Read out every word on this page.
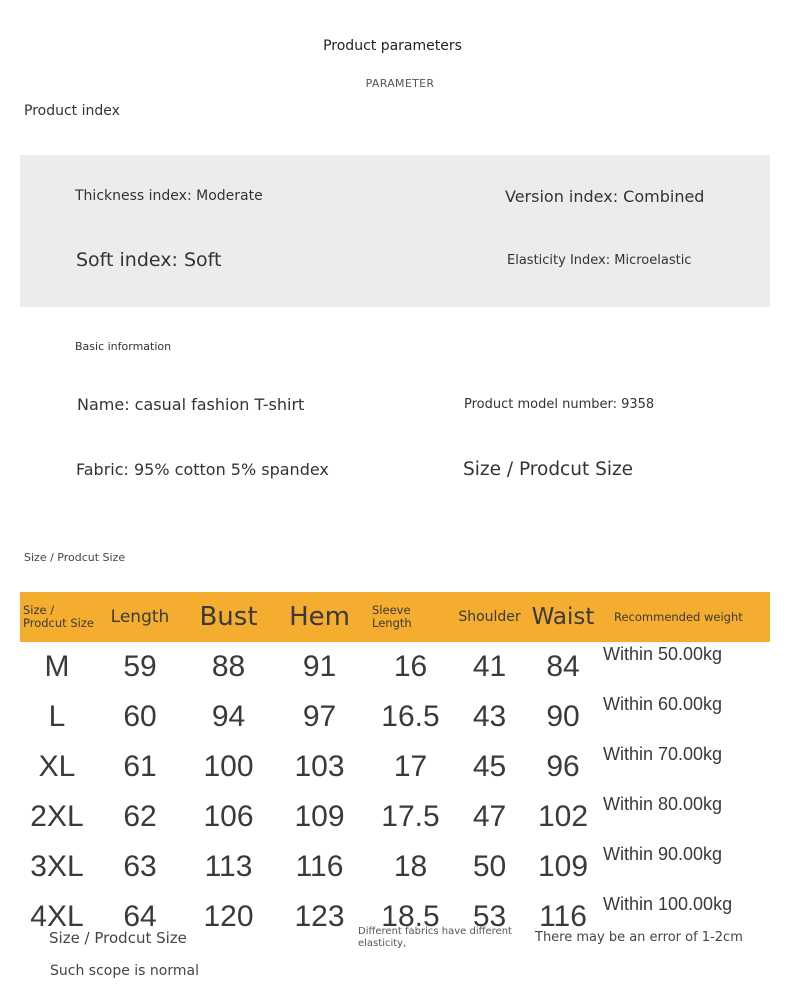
Product parameters
PARAMETER
Product index
Thickness index: Moderate	Version index: Combined
Soft index: Soft	Elasticity Index: Microelastic
Basic information
Name: casual fashion T-shirt	Product model number: 9358
Fabric: 95% cotton 5% spandex	Size / Prodcut Size
Size / Prodcut Size
Size / Prodcut Size	Length	Bust	Hem	Sleeve Length	Shoulder	Waist	Recommended weight
M	59	88	91	16	41	84	Within 50.00kg
L	60	94	97	16.5	43	90	Within 60.00kg
XL	61	100	103	17	45	96	Within 70.00kg
2XL	62	106	109	17.5	47	102	Within 80.00kg
3XL	63	113	116	18	50	109	Within 90.00kg
4XL	64	120	123	18.5	53	116	Within 100.00kg
Size / Prodcut Size	Different fabrics have different elasticity,	There may be an error of 1-2cm
Such scope is normal
